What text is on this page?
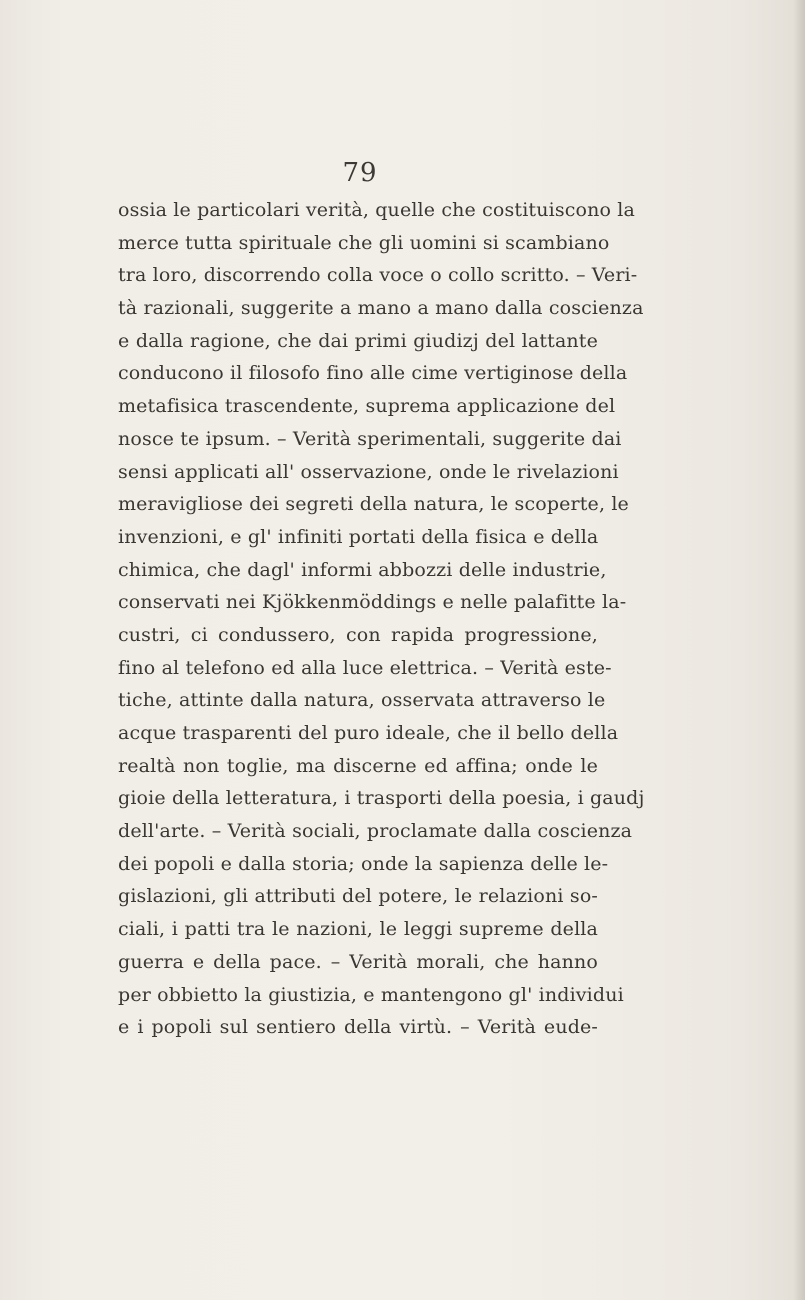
79
ossia le particolari verità, quelle che costituiscono la
merce tutta spirituale che gli uomini si scambiano
tra loro, discorrendo colla voce o collo scritto. – Veri-
tà razionali, suggerite a mano a mano dalla coscienza
e dalla ragione, che dai primi giudizj del lattante
conducono il filosofo fino alle cime vertiginose della
metafisica trascendente, suprema applicazione del
nosce te ipsum. – Verità sperimentali, suggerite dai
sensi applicati all' osservazione, onde le rivelazioni
meravigliose dei segreti della natura, le scoperte, le
invenzioni, e gl' infiniti portati della fisica e della
chimica, che dagl' informi abbozzi delle industrie,
conservati nei Kjökkenmöddings e nelle palafitte la-
custri, ci condussero, con rapida progressione,
fino al telefono ed alla luce elettrica. – Verità este-
tiche, attinte dalla natura, osservata attraverso le
acque trasparenti del puro ideale, che il bello della
realtà non toglie, ma discerne ed affina; onde le
gioie della letteratura, i trasporti della poesia, i gaudj
dell'arte. – Verità sociali, proclamate dalla coscienza
dei popoli e dalla storia; onde la sapienza delle le-
gislazioni, gli attributi del potere, le relazioni so-
ciali, i patti tra le nazioni, le leggi supreme della
guerra e della pace. – Verità morali, che hanno
per obbietto la giustizia, e mantengono gl' individui
e i popoli sul sentiero della virtù. – Verità eude-
